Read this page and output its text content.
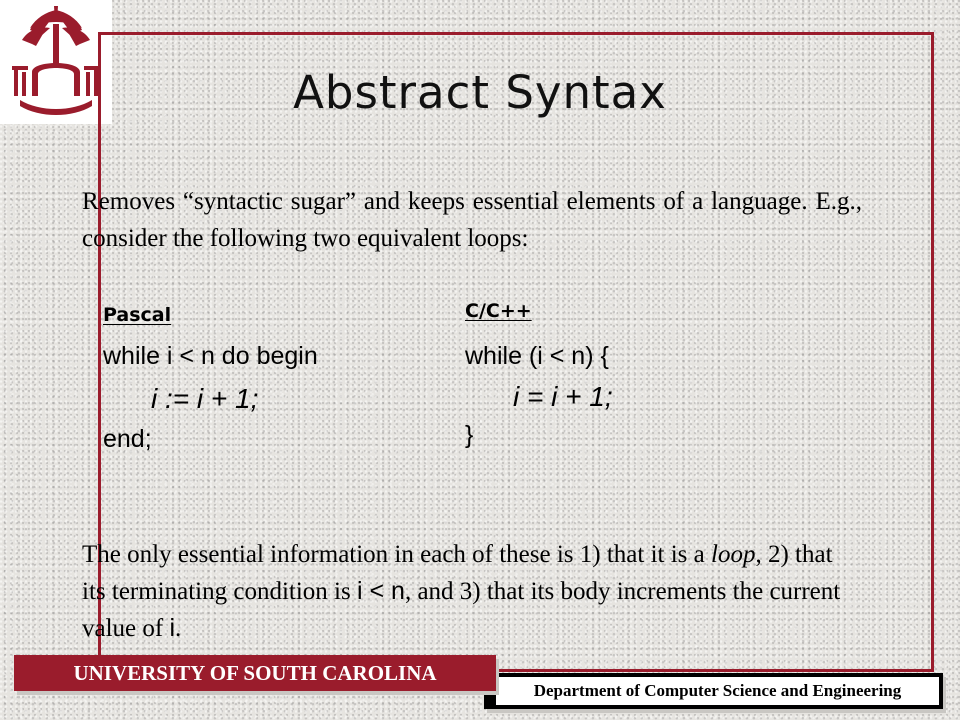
Abstract Syntax

Removes “syntactic sugar” and keeps essential elements of a language. E.g., consider the following two equivalent loops:

Pascal

while i < n do begin

i := i + 1;

end;

C/C++

while (i < n) {

i = i + 1;

}

The only essential information in each of these is 1) that it is a loop, 2) that its terminating condition is i < n, and 3) that its body increments the current value of i.

Department of Computer Science and Engineering
UNIVERSITY OF SOUTH CAROLINA
